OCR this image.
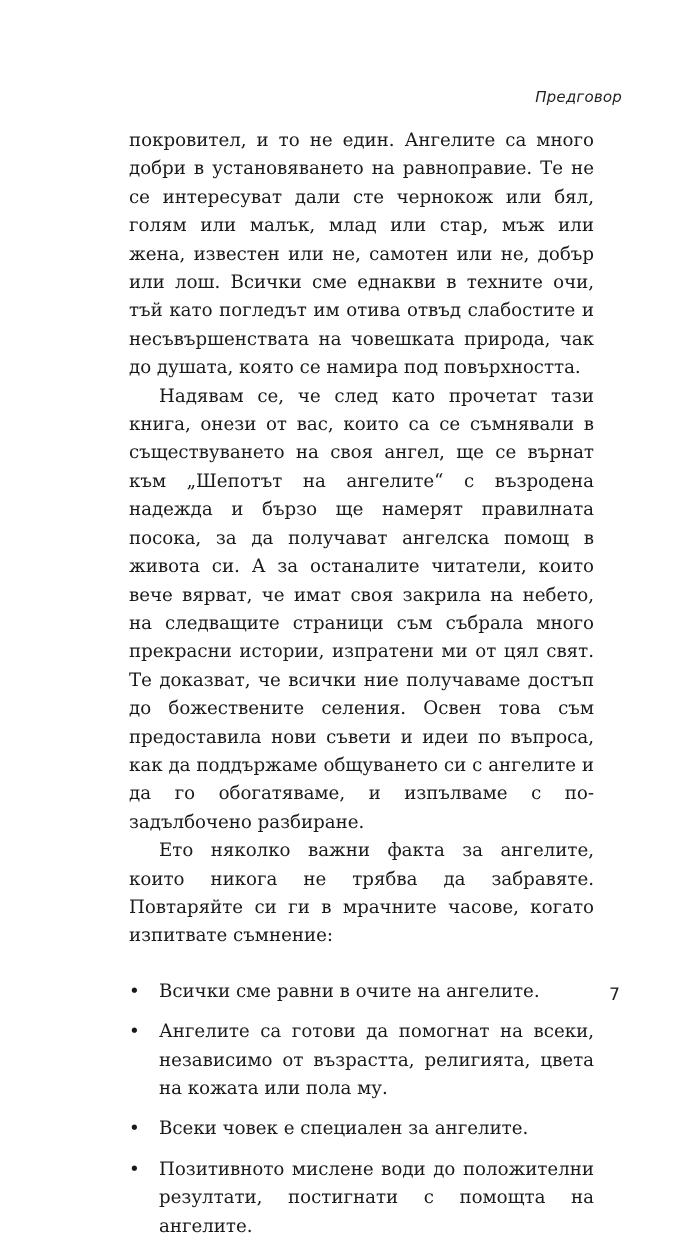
Предговор

покровител, и то не един. Ангелите са много добри в установяването на равноправие. Те не се интересуват дали сте чернокож или бял, голям или малък, млад или стар, мъж или жена, известен или не, самотен или не, добър или лош. Всички сме еднакви в техните очи, тъй като погледът им отива отвъд слабостите и несъвършенствата на човешката природа, чак до душата, която се намира под повърхността.

Надявам се, че след като прочетат тази книга, онези от вас, които са се съмнявали в съществуването на своя ангел, ще се върнат към „Шепотът на ангелите“ с възродена надежда и бързо ще намерят правилната посока, за да получават ангелска помощ в живота си. А за останалите читатели, които вече вярват, че имат своя закрила на небето, на следващите страници съм събрала много прекрасни истории, изпратени ми от цял свят. Те доказват, че всички ние получаваме достъп до божествените селения. Освен това съм предоставила нови съвети и идеи по въпроса, как да поддържаме общуването си с ангелите и да го обогатяваме, и изпълваме с по-задълбочено разбиране.

Ето няколко важни факта за ангелите, които никога не трябва да забравяте. Повтаряйте си ги в мрачните часове, когато изпитвате съмнение:

• Всички сме равни в очите на ангелите.
• Ангелите са готови да помогнат на всеки, независимо от възрастта, религията, цвета на кожата или пола му.
• Всеки човек е специален за ангелите.
• Позитивното мислене води до положителни резултати, постигнати с помощта на ангелите.
7
